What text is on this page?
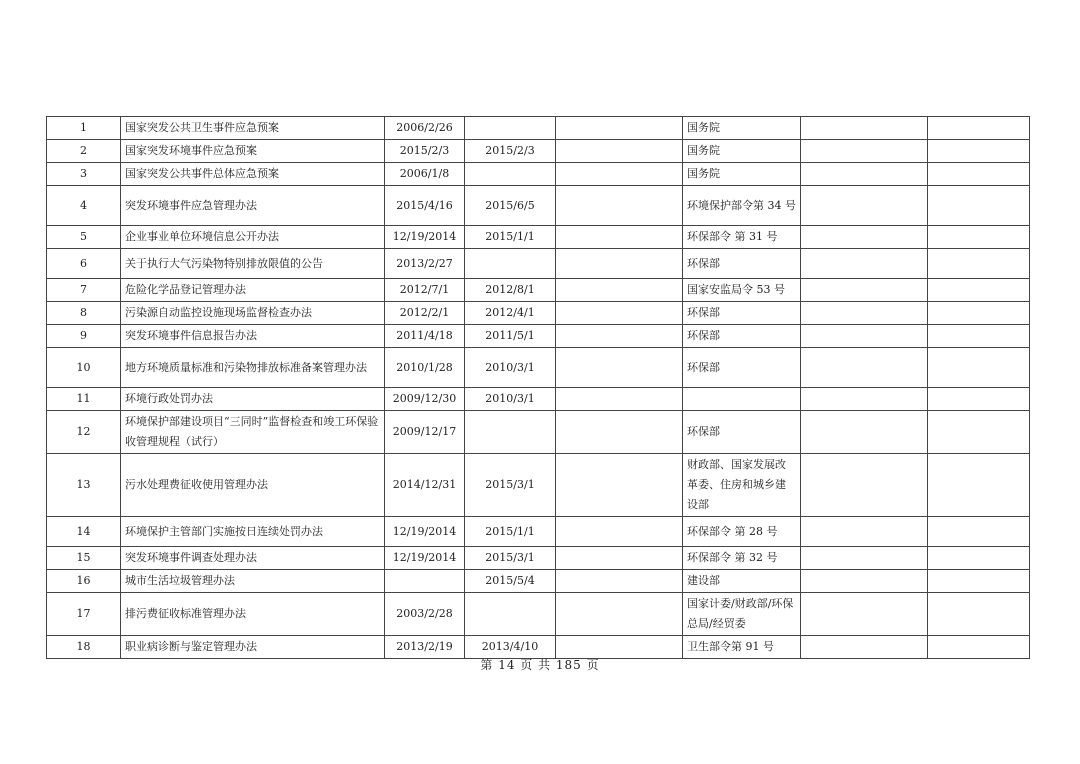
1	国家突发公共卫生事件应急预案	2006/2/26			国务院		
2	国家突发环境事件应急预案	2015/2/3	2015/2/3		国务院		
3	国家突发公共事件总体应急预案	2006/1/8			国务院		
4	突发环境事件应急管理办法	2015/4/16	2015/6/5		环境保护部令第 34 号		
5	企业事业单位环境信息公开办法	12/19/2014	2015/1/1		环保部令 第 31 号		
6	关于执行大气污染物特别排放限值的公告	2013/2/27			环保部		
7	危险化学品登记管理办法	2012/7/1	2012/8/1		国家安监局令 53 号		
8	污染源自动监控设施现场监督检查办法	2012/2/1	2012/4/1		环保部		
9	突发环境事件信息报告办法	2011/4/18	2011/5/1		环保部		
10	地方环境质量标准和污染物排放标准备案管理办法	2010/1/28	2010/3/1		环保部		
11	环境行政处罚办法	2009/12/30	2010/3/1				
12	环境保护部建设项目“三同时”监督检查和竣工环保验收管理规程（试行）	2009/12/17			环保部		
13	污水处理费征收使用管理办法	2014/12/31	2015/3/1		财政部、国家发展改革委、住房和城乡建设部		
14	环境保护主管部门实施按日连续处罚办法	12/19/2014	2015/1/1		环保部令 第 28 号		
15	突发环境事件调查处理办法	12/19/2014	2015/3/1		环保部令 第 32 号		
16	城市生活垃圾管理办法		2015/5/4		建设部		
17	排污费征收标准管理办法	2003/2/28			国家计委/财政部/环保总局/经贸委		
18	职业病诊断与鉴定管理办法	2013/2/19	2013/4/10		卫生部令第 91 号		
第 14 页 共 185 页
